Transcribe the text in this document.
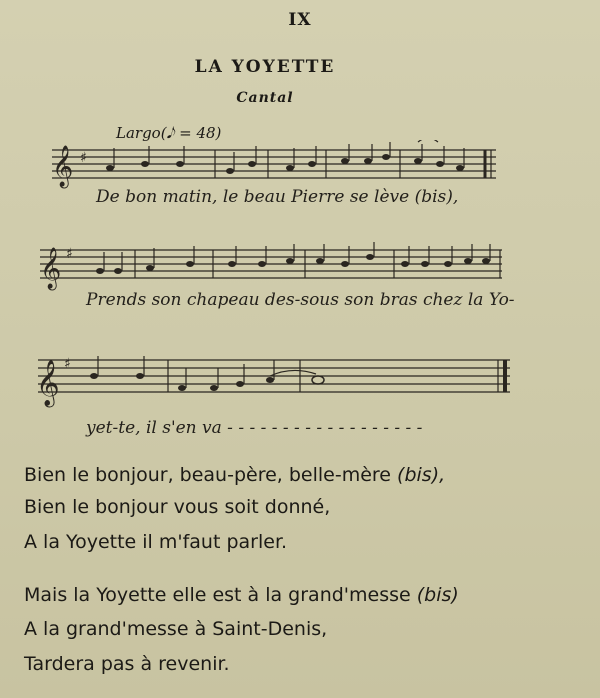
IX
LA YOYETTE
Cantal
Largo(𝅘𝅥𝅮 = 48)
𝄞 ♯
De bon matin, le beau Pierre se lève (bis),
𝄞 ♯
Prends son chapeau des-sous son bras chez la Yo-
𝄞 ♯
yet-te, il s'en va ‐ ‐ ‐ ‐ ‐ ‐ ‐ ‐ ‐ ‐ ‐ ‐ ‐ ‐ ‐ ‐ ‐ ‐
Bien le bonjour, beau-père, belle-mère (bis),
Bien le bonjour vous soit donné,
A la Yoyette il m'faut parler.
Mais la Yoyette elle est à la grand'messe (bis)
A la grand'messe à Saint-Denis,
Tardera pas à revenir.
